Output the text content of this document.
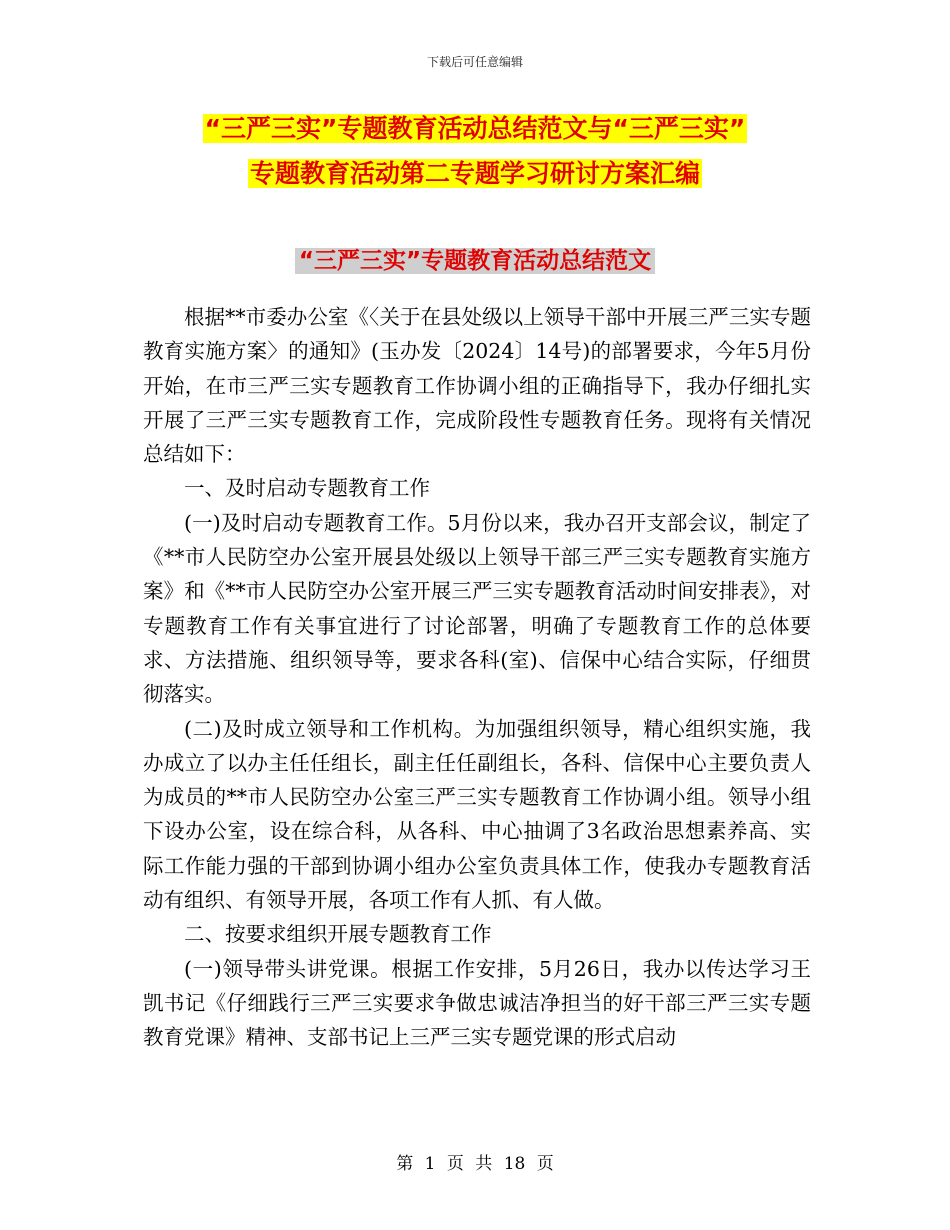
下载后可任意编辑
“三严三实”专题教育活动总结范文与“三严三实”
专题教育活动第二专题学习研讨方案汇编
“三严三实”专题教育活动总结范文

根据**市委办公室《〈关于在县处级以上领导干部中开展三严三实专题教育实施方案〉的通知》(玉办发〔2024〕14号)的部署要求，今年5月份开始，在市三严三实专题教育工作协调小组的正确指导下，我办仔细扎实开展了三严三实专题教育工作，完成阶段性专题教育任务。现将有关情况总结如下：

一、及时启动专题教育工作

(一)及时启动专题教育工作。5月份以来，我办召开支部会议，制定了《**市人民防空办公室开展县处级以上领导干部三严三实专题教育实施方案》和《**市人民防空办公室开展三严三实专题教育活动时间安排表》，对专题教育工作有关事宜进行了讨论部署，明确了专题教育工作的总体要求、方法措施、组织领导等，要求各科(室)、信保中心结合实际，仔细贯彻落实。

(二)及时成立领导和工作机构。为加强组织领导，精心组织实施，我办成立了以办主任任组长，副主任任副组长，各科、信保中心主要负责人为成员的**市人民防空办公室三严三实专题教育工作协调小组。领导小组下设办公室，设在综合科，从各科、中心抽调了3名政治思想素养高、实际工作能力强的干部到协调小组办公室负责具体工作，使我办专题教育活动有组织、有领导开展，各项工作有人抓、有人做。

二、按要求组织开展专题教育工作

(一)领导带头讲党课。根据工作安排，5月26日，我办以传达学习王凯书记《仔细践行三严三实要求争做忠诚洁净担当的好干部三严三实专题教育党课》精神、支部书记上三严三实专题党课的形式启动

第 1 页 共 18 页
